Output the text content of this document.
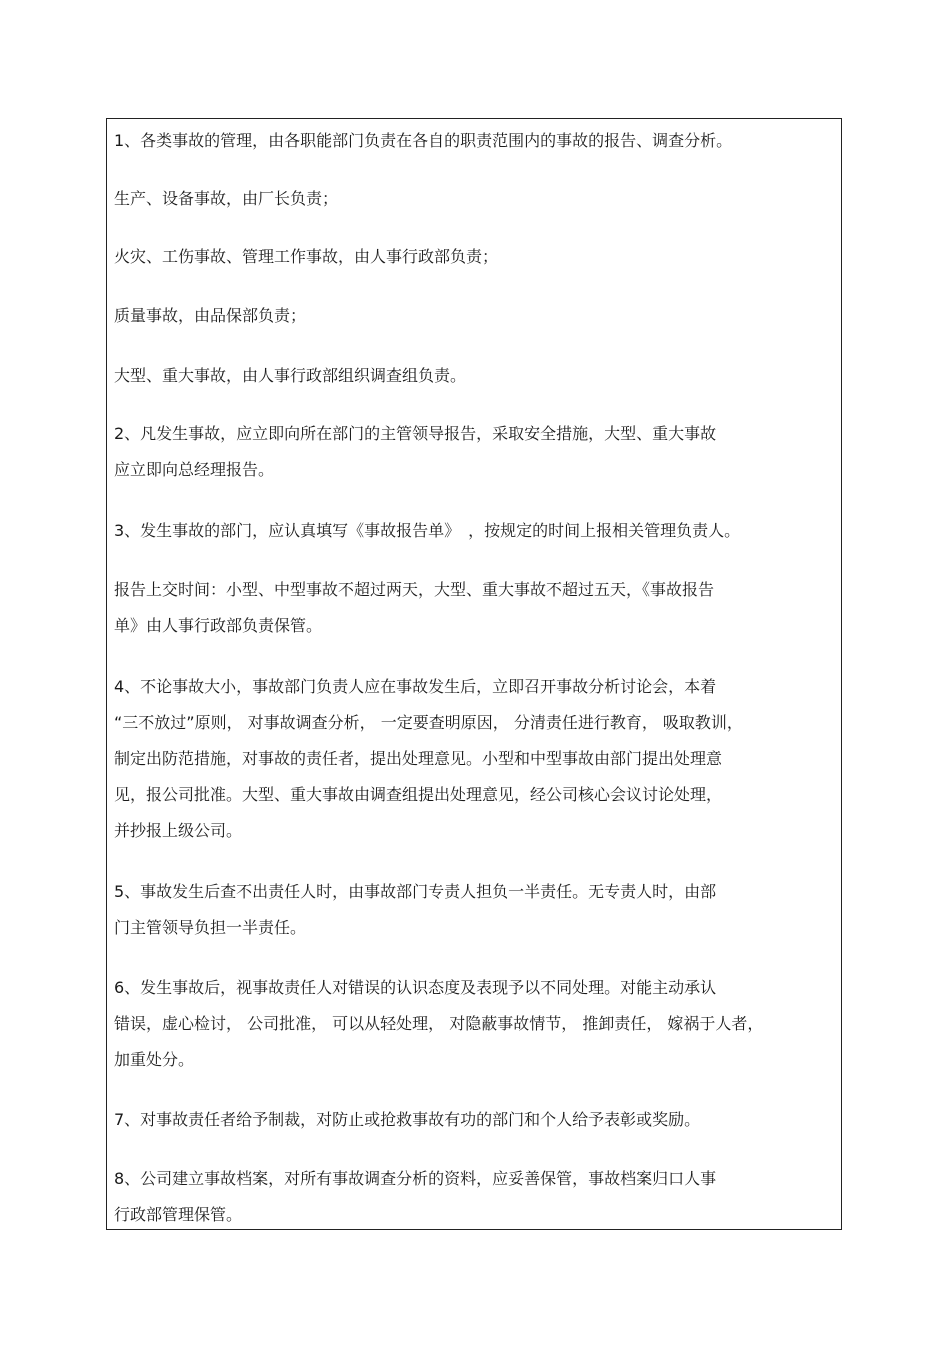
1、各类事故的管理，由各职能部门负责在各自的职责范围内的事故的报告、调查分析。

生产、设备事故，由厂长负责；

火灾、工伤事故、管理工作事故，由人事行政部负责；

质量事故，由品保部负责；

大型、重大事故，由人事行政部组织调查组负责。

2、凡发生事故，应立即向所在部门的主管领导报告，采取安全措施，大型、重大事故
应立即向总经理报告。

3、发生事故的部门，应认真填写《事故报告单》　，按规定的时间上报相关管理负责人。

报告上交时间：小型、中型事故不超过两天，大型、重大事故不超过五天，《事故报告
单》由人事行政部负责保管。

4、不论事故大小，事故部门负责人应在事故发生后，立即召开事故分析讨论会，本着
“三不放过”原则， 对事故调查分析， 一定要查明原因， 分清责任进行教育， 吸取教训，
制定出防范措施，对事故的责任者，提出处理意见。小型和中型事故由部门提出处理意
见，报公司批准。大型、重大事故由调查组提出处理意见，经公司核心会议讨论处理，
并抄报上级公司。

5、事故发生后查不出责任人时，由事故部门专责人担负一半责任。无专责人时，由部
门主管领导负担一半责任。

6、发生事故后，视事故责任人对错误的认识态度及表现予以不同处理。对能主动承认
错误，虚心检讨， 公司批准， 可以从轻处理， 对隐蔽事故情节， 推卸责任， 嫁祸于人者，
加重处分。

7、对事故责任者给予制裁，对防止或抢救事故有功的部门和个人给予表彰或奖励。

8、公司建立事故档案，对所有事故调查分析的资料，应妥善保管，事故档案归口人事
行政部管理保管。
